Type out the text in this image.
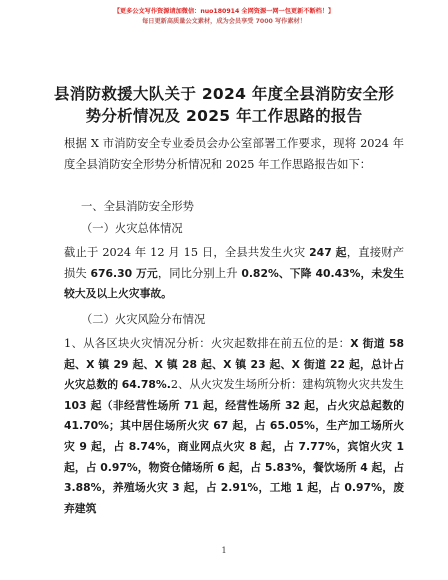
【更多公文写作资源请加微信：nuo180914 全网资源一网一包更新不断档！】
每日更新高质量公文素材，成为会员享受 7000 写作素材！
县消防救援大队关于 2024 年度全县消防安全形
势分析情况及 2025 年工作思路的报告
根据 X 市消防安全专业委员会办公室部署工作要求，现将 2024 年度全县消防安全形势分析情况和 2025 年工作思路报告如下：
一、全县消防安全形势
（一）火灾总体情况
截止于 2024 年 12 月 15 日，全县共发生火灾 247 起，直接财产损失 676.30 万元，同比分别上升 0.82%、下降 40.43%，未发生较大及以上火灾事故。
（二）火灾风险分布情况
1、从各区块火灾情况分析：火灾起数排在前五位的是：X 街道 58 起、X 镇 29 起、X 镇 28 起、X 镇 23 起、X 街道 22 起，总计占火灾总数的 64.78%.2、从火灾发生场所分析：建构筑物火灾共发生 103 起（非经营性场所 71 起，经营性场所 32 起，占火灾总起数的 41.70%；其中居住场所火灾 67 起，占 65.05%，生产加工场所火灾 9 起，占 8.74%，商业网点火灾 8 起，占 7.77%，宾馆火灾 1 起，占 0.97%，物资仓储场所 6 起，占 5.83%，餐饮场所 4 起，占 3.88%，养殖场火灾 3 起，占 2.91%，工地 1 起，占 0.97%，废弃建筑
1
